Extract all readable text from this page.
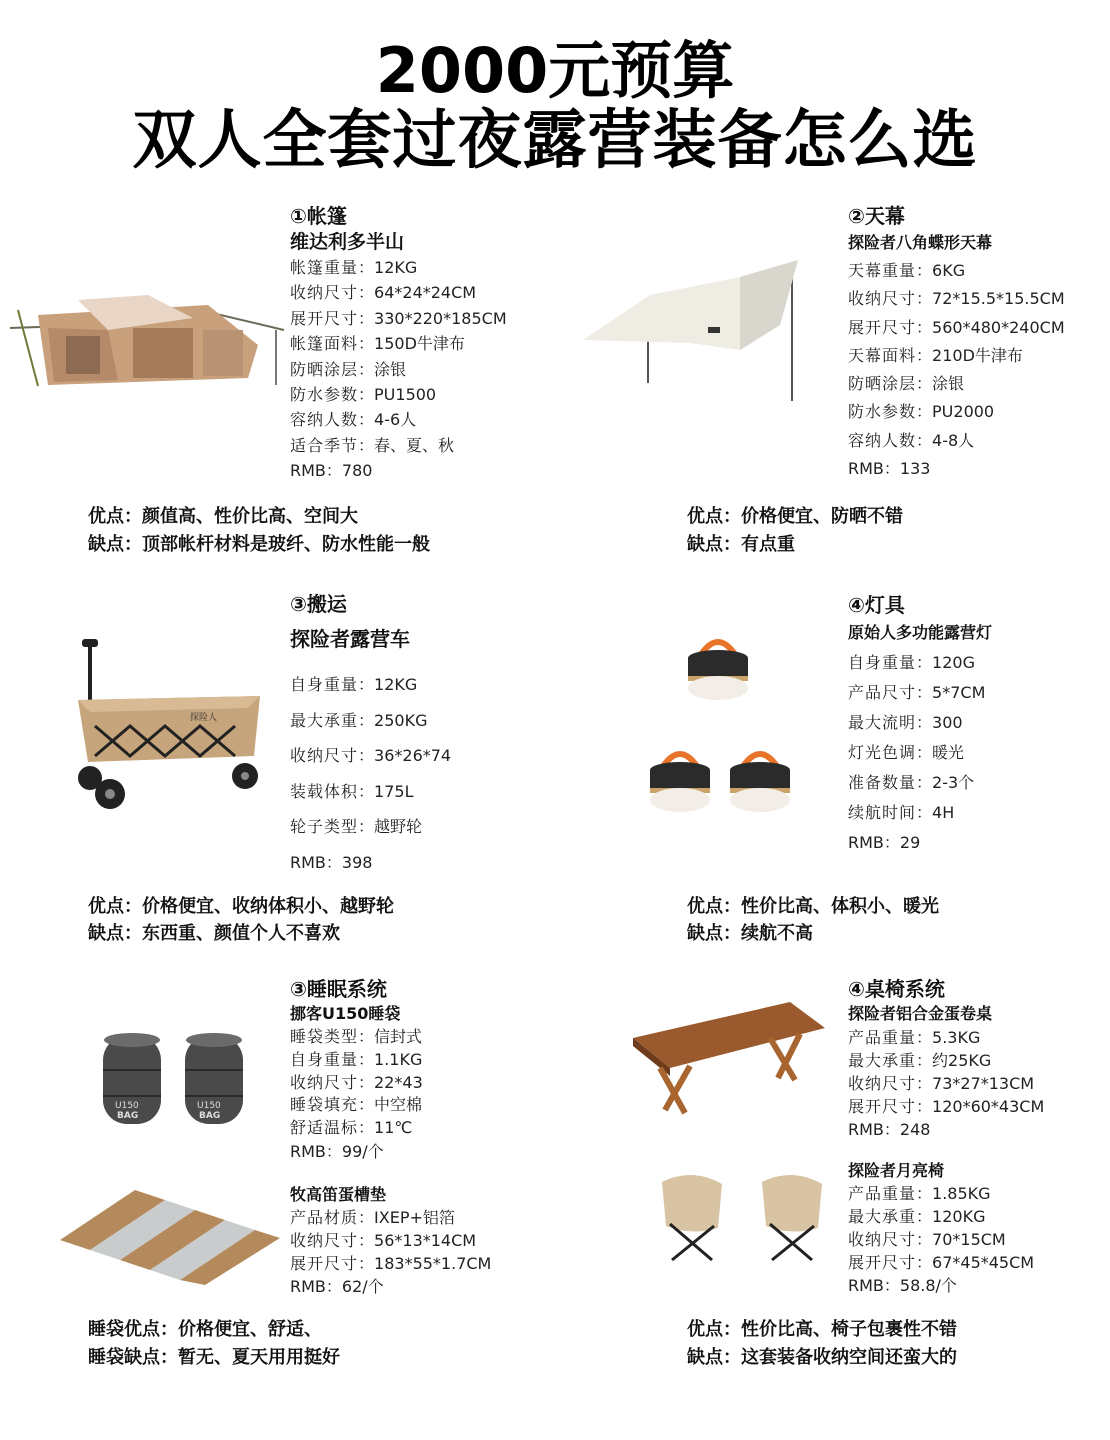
2000元预算
双人全套过夜露营装备怎么选
①帐篷
维达利多半山
帐篷重量：12KG
收纳尺寸：64*24*24CM
展开尺寸：330*220*185CM
帐篷面料：150D牛津布
防晒涂层：涂银
防水参数：PU1500
容纳人数：4-6人
适合季节：春、夏、秋
RMB：780
优点：颜值高、性价比高、空间大
缺点：顶部帐杆材料是玻纤、防水性能一般
②天幕
探险者八角蝶形天幕
天幕重量：6KG
收纳尺寸：72*15.5*15.5CM
展开尺寸：560*480*240CM
天幕面料：210D牛津布
防晒涂层：涂银
防水参数：PU2000
容纳人数：4-8人
RMB：133
优点：价格便宜、防晒不错
缺点：有点重
探险人
③搬运
探险者露营车
自身重量：12KG
最大承重：250KG
收纳尺寸：36*26*74
装载体积：175L
轮子类型：越野轮
RMB：398
优点：价格便宜、收纳体积小、越野轮
缺点：东西重、颜值个人不喜欢
④灯具
原始人多功能露营灯
自身重量：120G
产品尺寸：5*7CM
最大流明：300
灯光色调：暖光
准备数量：2-3个
续航时间：4H
RMB：29
优点：性价比高、体积小、暖光
缺点：续航不高
U150
BAG
U150
BAG
③睡眠系统
挪客U150睡袋
睡袋类型：信封式
自身重量：1.1KG
收纳尺寸：22*43
睡袋填充：中空棉
舒适温标：11℃
RMB：99/个
牧高笛蛋槽垫
产品材质：IXEP+铝箔
收纳尺寸：56*13*14CM
展开尺寸：183*55*1.7CM
RMB：62/个
睡袋优点：价格便宜、舒适、
睡袋缺点：暂无、夏天用用挺好
④桌椅系统
探险者铝合金蛋卷桌
产品重量：5.3KG
最大承重：约25KG
收纳尺寸：73*27*13CM
展开尺寸：120*60*43CM
RMB：248
探险者月亮椅
产品重量：1.85KG
最大承重：120KG
收纳尺寸：70*15CM
展开尺寸：67*45*45CM
RMB：58.8/个
优点：性价比高、椅子包裹性不错
缺点：这套装备收纳空间还蛮大的
